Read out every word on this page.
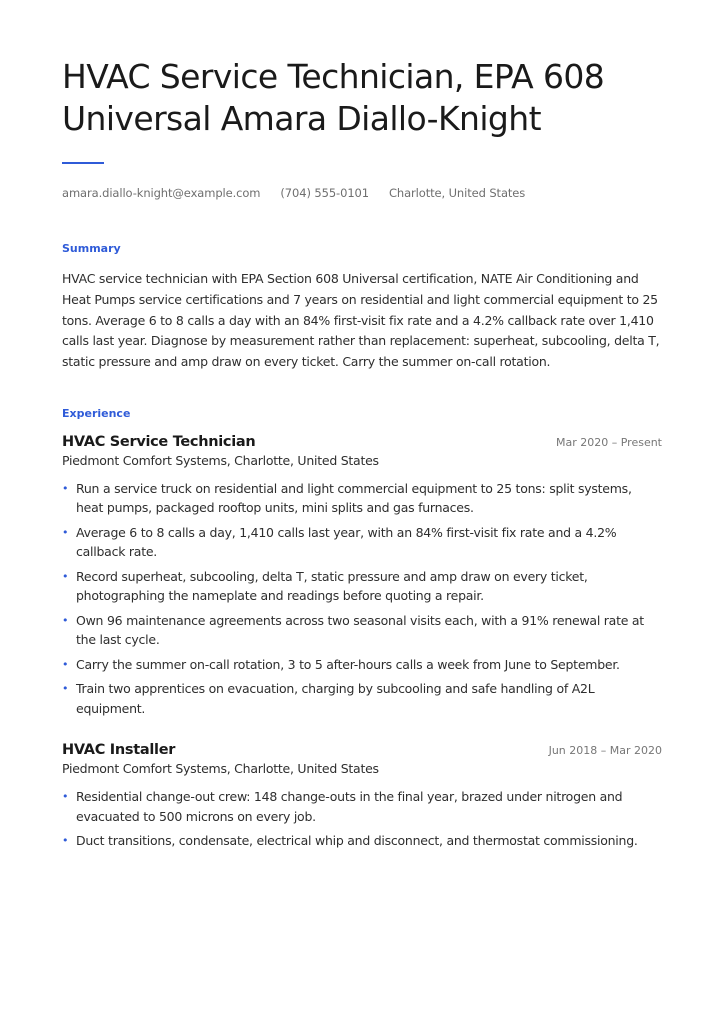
HVAC Service Technician, EPA 608 Universal Amara Diallo-Knight
amara.diallo-knight@example.com (704) 555-0101 Charlotte, United States
Summary

HVAC service technician with EPA Section 608 Universal certification, NATE Air Conditioning and Heat Pumps service certifications and 7 years on residential and light commercial equipment to 25 tons. Average 6 to 8 calls a day with an 84% first-visit fix rate and a 4.2% callback rate over 1,410 calls last year. Diagnose by measurement rather than replacement: superheat, subcooling, delta T, static pressure and amp draw on every ticket. Carry the summer on-call rotation.

Experience
HVAC Service Technician	Mar 2020 – Present
Piedmont Comfort Systems, Charlotte, United States
• Run a service truck on residential and light commercial equipment to 25 tons: split systems, heat pumps, packaged rooftop units, mini splits and gas furnaces.
• Average 6 to 8 calls a day, 1,410 calls last year, with an 84% first-visit fix rate and a 4.2% callback rate.
• Record superheat, subcooling, delta T, static pressure and amp draw on every ticket, photographing the nameplate and readings before quoting a repair.
• Own 96 maintenance agreements across two seasonal visits each, with a 91% renewal rate at the last cycle.
• Carry the summer on-call rotation, 3 to 5 after-hours calls a week from June to September.
• Train two apprentices on evacuation, charging by subcooling and safe handling of A2L equipment.
HVAC Installer	Jun 2018 – Mar 2020
Piedmont Comfort Systems, Charlotte, United States
• Residential change-out crew: 148 change-outs in the final year, brazed under nitrogen and evacuated to 500 microns on every job.
• Duct transitions, condensate, electrical whip and disconnect, and thermostat commissioning.
